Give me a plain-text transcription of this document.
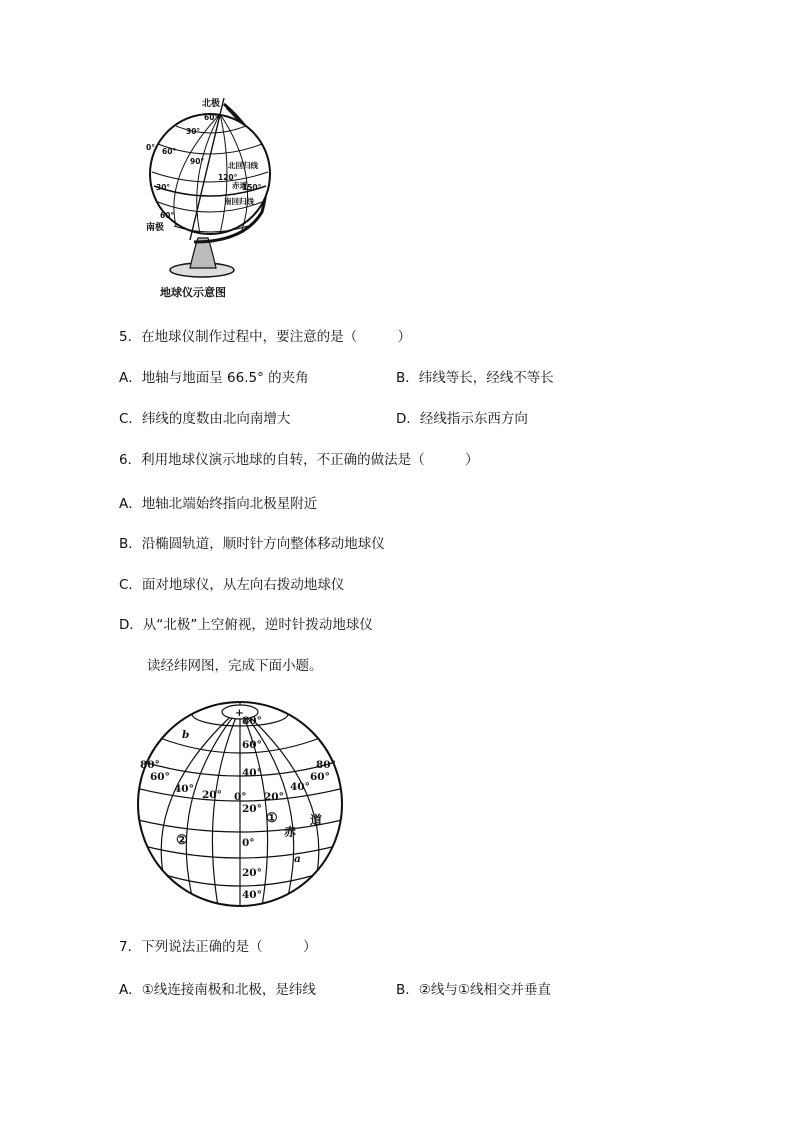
北极
南极
60°
30°
0° 60°
90°
120°
150°
30°
60°
北回归线
赤道
南回归线
地球仪示意图
5．在地球仪制作过程中，要注意的是（　　　）
A．地轴与地面呈 66.5° 的夹角	B．纬线等长，经线不等长
C．纬线的度数由北向南增大	D．经线指示东西方向
6．利用地球仪演示地球的自转，不正确的做法是（　　　）
A．地轴北端始终指向北极星附近
B．沿椭圆轨道，顺时针方向整体移动地球仪
C．面对地球仪，从左向右拨动地球仪
D．从“北极”上空俯视，逆时针拨动地球仪
读经纬网图，完成下面小题。
+
80°
60°
40°
20°
80°
60°
40° 20° 0° 20°
40°
60°
80°
0°
20°
40°
b
①
②
赤
道
a
7．下列说法正确的是（　　　）
A．①线连接南极和北极，是纬线	B．②线与①线相交并垂直
